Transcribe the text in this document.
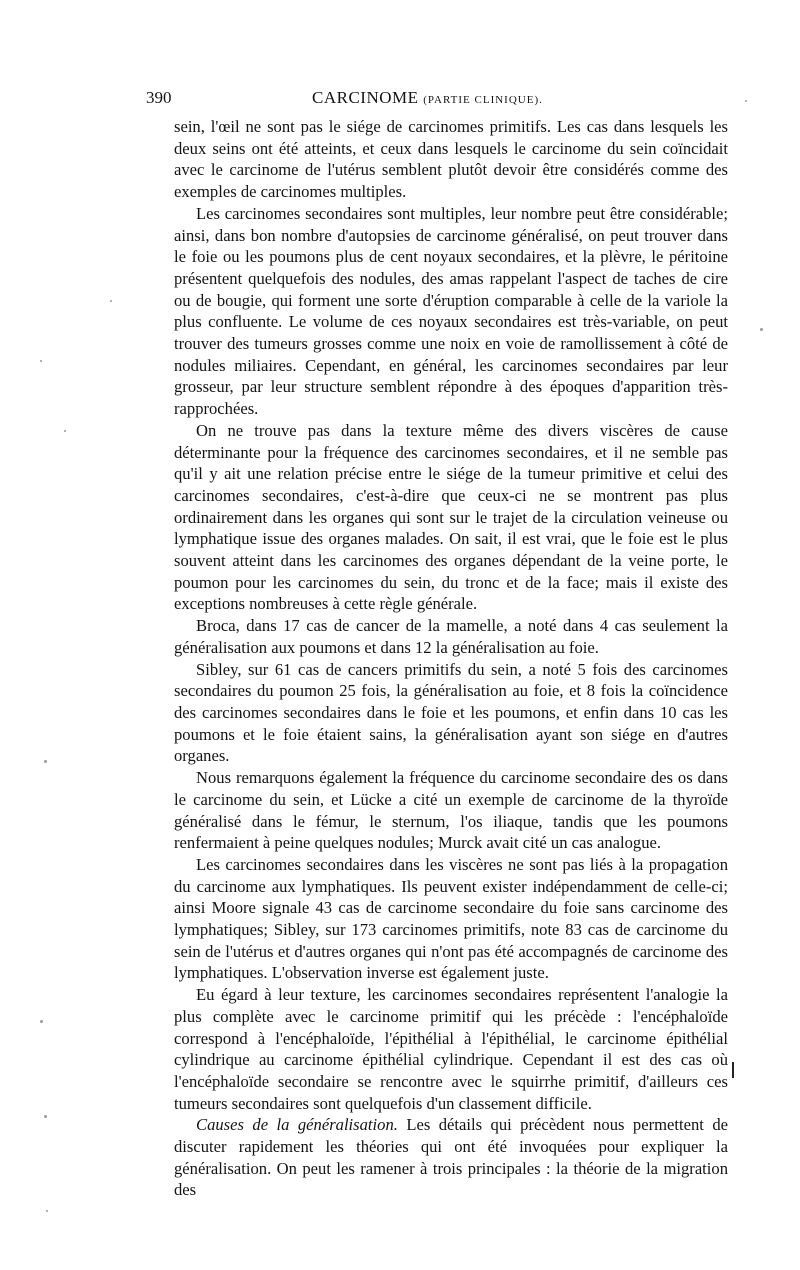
390	CARCINOME (PARTIE CLINIQUE).

sein, l'œil ne sont pas le siége de carcinomes primitifs. Les cas dans lesquels les deux seins ont été atteints, et ceux dans lesquels le carcinome du sein coïncidait avec le carcinome de l'utérus semblent plutôt devoir être considérés comme des exemples de carcinomes multiples.

Les carcinomes secondaires sont multiples, leur nombre peut être considérable; ainsi, dans bon nombre d'autopsies de carcinome généralisé, on peut trouver dans le foie ou les poumons plus de cent noyaux secondaires, et la plèvre, le péritoine présentent quelquefois des nodules, des amas rappelant l'aspect de taches de cire ou de bougie, qui forment une sorte d'éruption comparable à celle de la variole la plus confluente. Le volume de ces noyaux secondaires est très-variable, on peut trouver des tumeurs grosses comme une noix en voie de ramollissement à côté de nodules miliaires. Cependant, en général, les carcinomes secondaires par leur grosseur, par leur structure semblent répondre à des époques d'apparition très-rapprochées.

On ne trouve pas dans la texture même des divers viscères de cause déterminante pour la fréquence des carcinomes secondaires, et il ne semble pas qu'il y ait une relation précise entre le siége de la tumeur primitive et celui des carcinomes secondaires, c'est-à-dire que ceux-ci ne se montrent pas plus ordinairement dans les organes qui sont sur le trajet de la circulation veineuse ou lymphatique issue des organes malades. On sait, il est vrai, que le foie est le plus souvent atteint dans les carcinomes des organes dépendant de la veine porte, le poumon pour les carcinomes du sein, du tronc et de la face; mais il existe des exceptions nombreuses à cette règle générale.

Broca, dans 17 cas de cancer de la mamelle, a noté dans 4 cas seulement la généralisation aux poumons et dans 12 la généralisation au foie.

Sibley, sur 61 cas de cancers primitifs du sein, a noté 5 fois des carcinomes secondaires du poumon 25 fois, la généralisation au foie, et 8 fois la coïncidence des carcinomes secondaires dans le foie et les poumons, et enfin dans 10 cas les poumons et le foie étaient sains, la généralisation ayant son siége en d'autres organes.

Nous remarquons également la fréquence du carcinome secondaire des os dans le carcinome du sein, et Lücke a cité un exemple de carcinome de la thyroïde généralisé dans le fémur, le sternum, l'os iliaque, tandis que les poumons renfermaient à peine quelques nodules; Murck avait cité un cas analogue.

Les carcinomes secondaires dans les viscères ne sont pas liés à la propagation du carcinome aux lymphatiques. Ils peuvent exister indépendamment de celle-ci; ainsi Moore signale 43 cas de carcinome secondaire du foie sans carcinome des lymphatiques; Sibley, sur 173 carcinomes primitifs, note 83 cas de carcinome du sein de l'utérus et d'autres organes qui n'ont pas été accompagnés de carcinome des lymphatiques. L'observation inverse est également juste.

Eu égard à leur texture, les carcinomes secondaires représentent l'analogie la plus complète avec le carcinome primitif qui les précède : l'encéphaloïde correspond à l'encéphaloïde, l'épithélial à l'épithélial, le carcinome épithélial cylindrique au carcinome épithélial cylindrique. Cependant il est des cas où l'encéphaloïde secondaire se rencontre avec le squirrhe primitif, d'ailleurs ces tumeurs secondaires sont quelquefois d'un classement difficile.

Causes de la généralisation. Les détails qui précèdent nous permettent de discuter rapidement les théories qui ont été invoquées pour expliquer la généralisation. On peut les ramener à trois principales : la théorie de la migration des
